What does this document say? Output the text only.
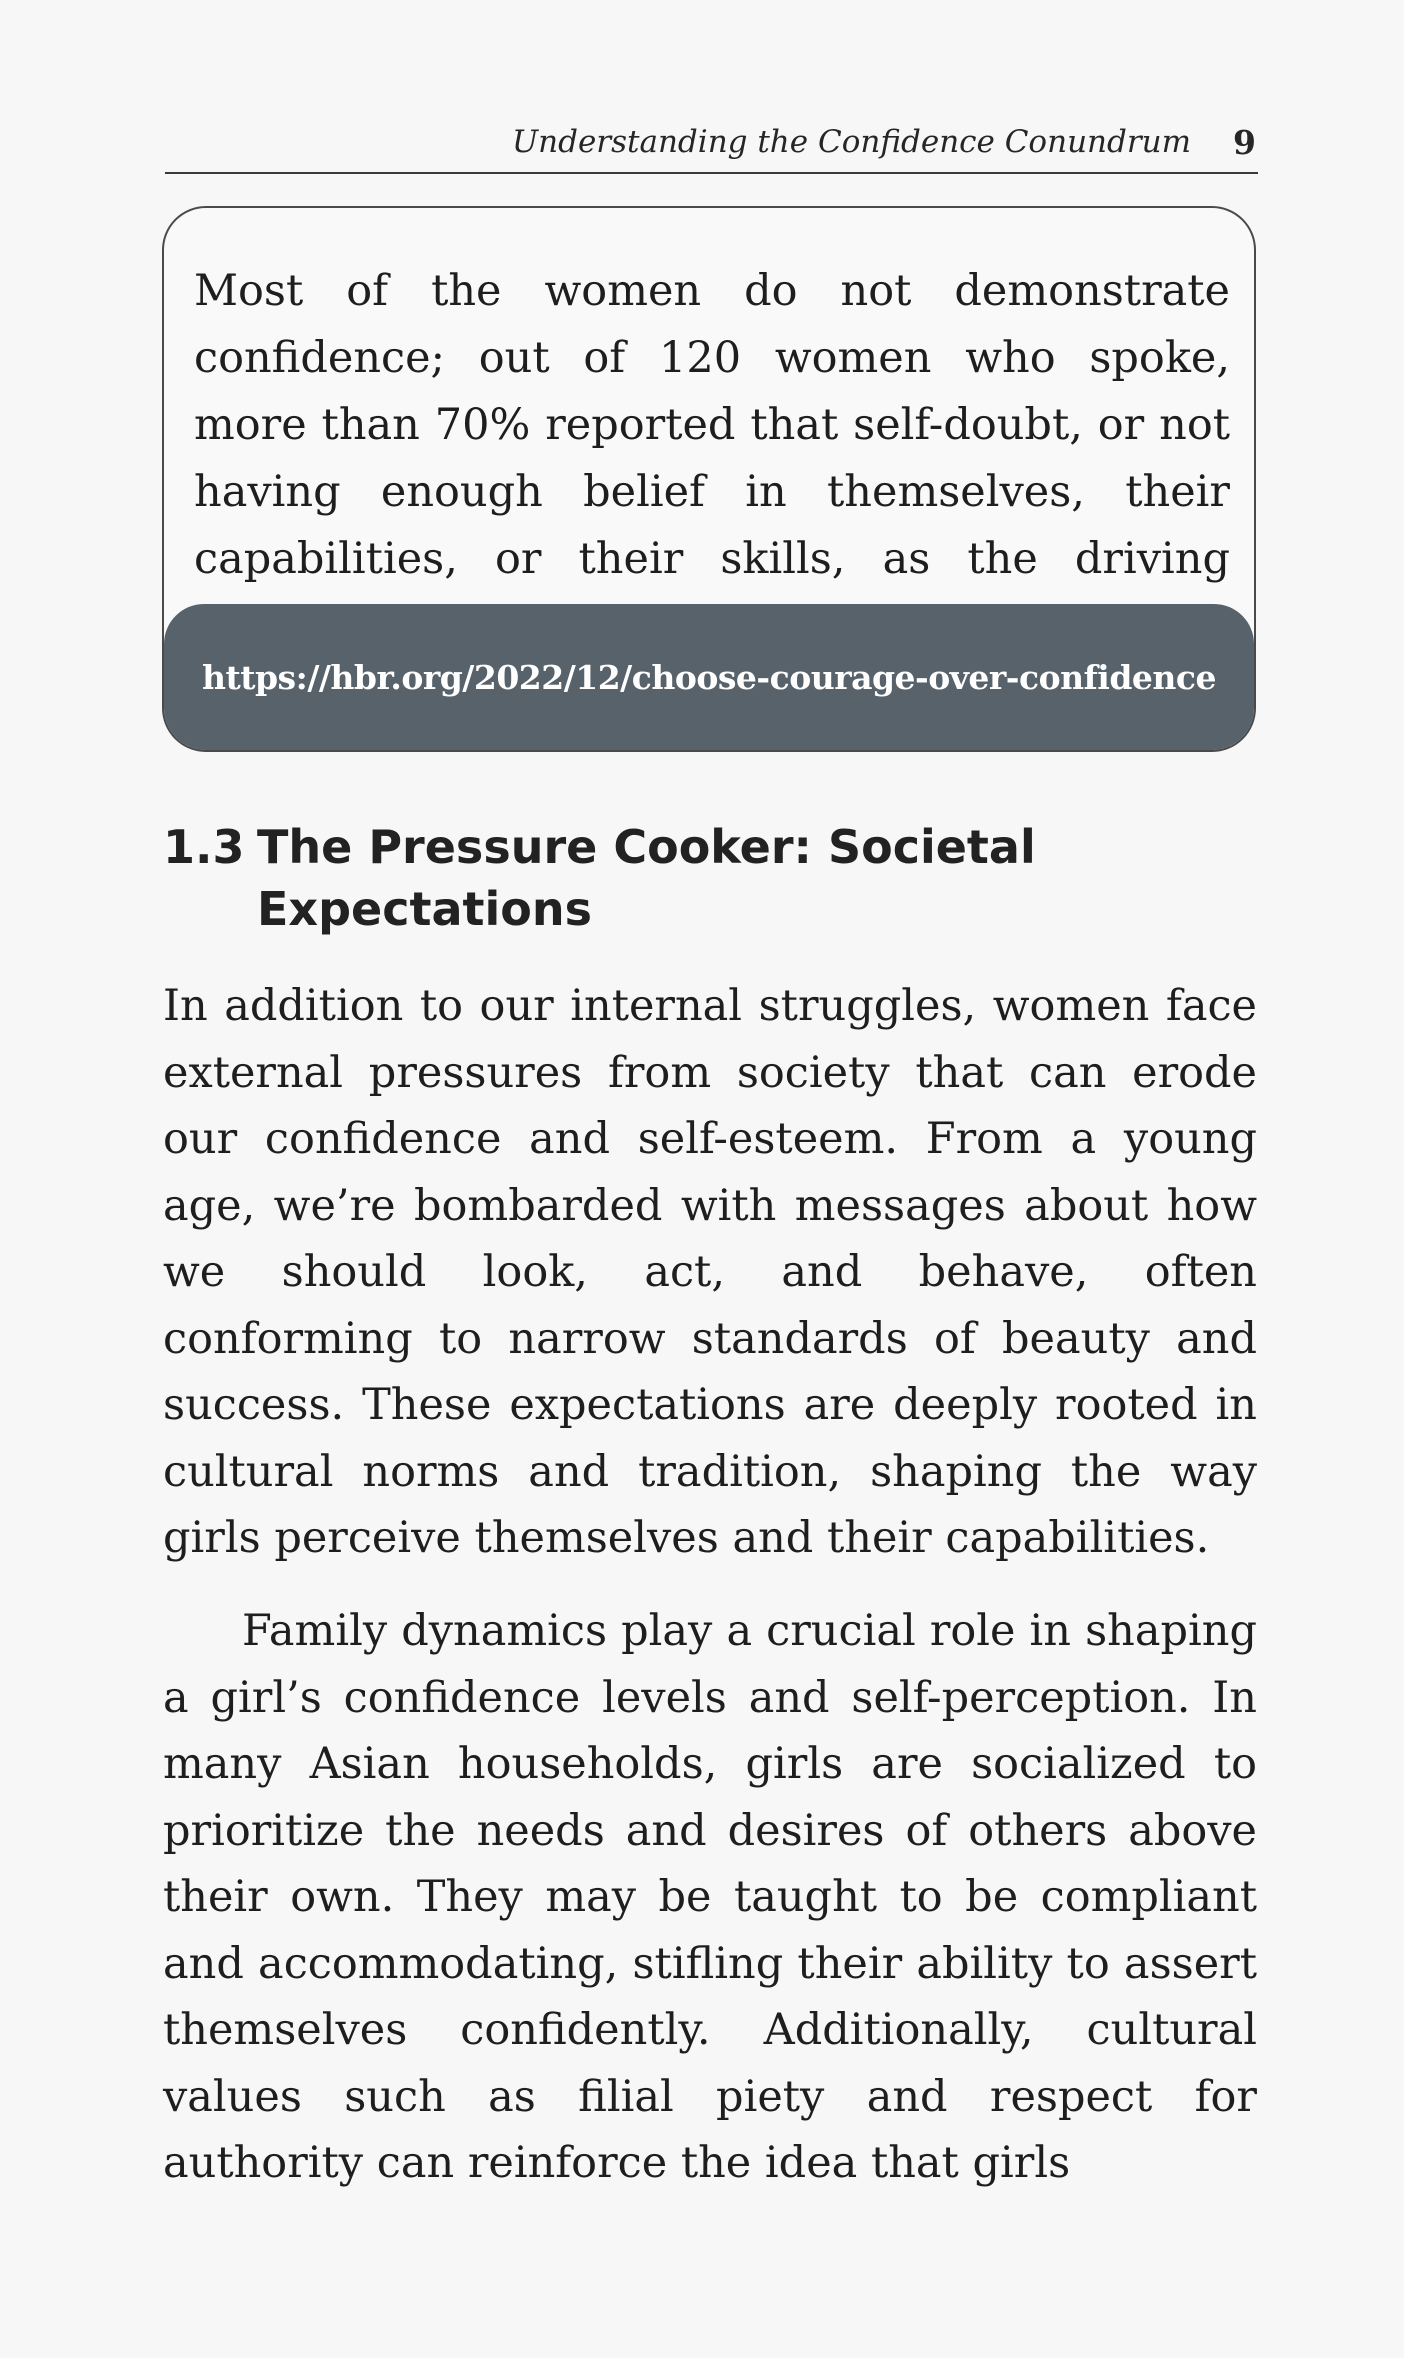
Understanding the Confidence Conundrum 9
Most of the women do not demonstrate confidence; out of 120 women who spoke, more than 70% reported that self-doubt, or not having enough belief in themselves, their capabilities, or their skills, as the driving
https://hbr.org/2022/12/choose-courage-over-confidence
1.3 The Pressure Cooker: Societal Expectations

In addition to our internal struggles, women face external pressures from society that can erode our confidence and self-esteem. From a young age, we’re bombarded with messages about how we should look, act, and behave, often conforming to narrow standards of beauty and success. These expectations are deeply rooted in cultural norms and tradition, shaping the way girls perceive themselves and their capabilities.

Family dynamics play a crucial role in shaping a girl’s confidence levels and self-perception. In many Asian households, girls are socialized to prioritize the needs and desires of others above their own. They may be taught to be compliant and accommodating, stifling their ability to assert themselves confidently. Additionally, cultural values such as filial piety and respect for authority can reinforce the idea that girls
